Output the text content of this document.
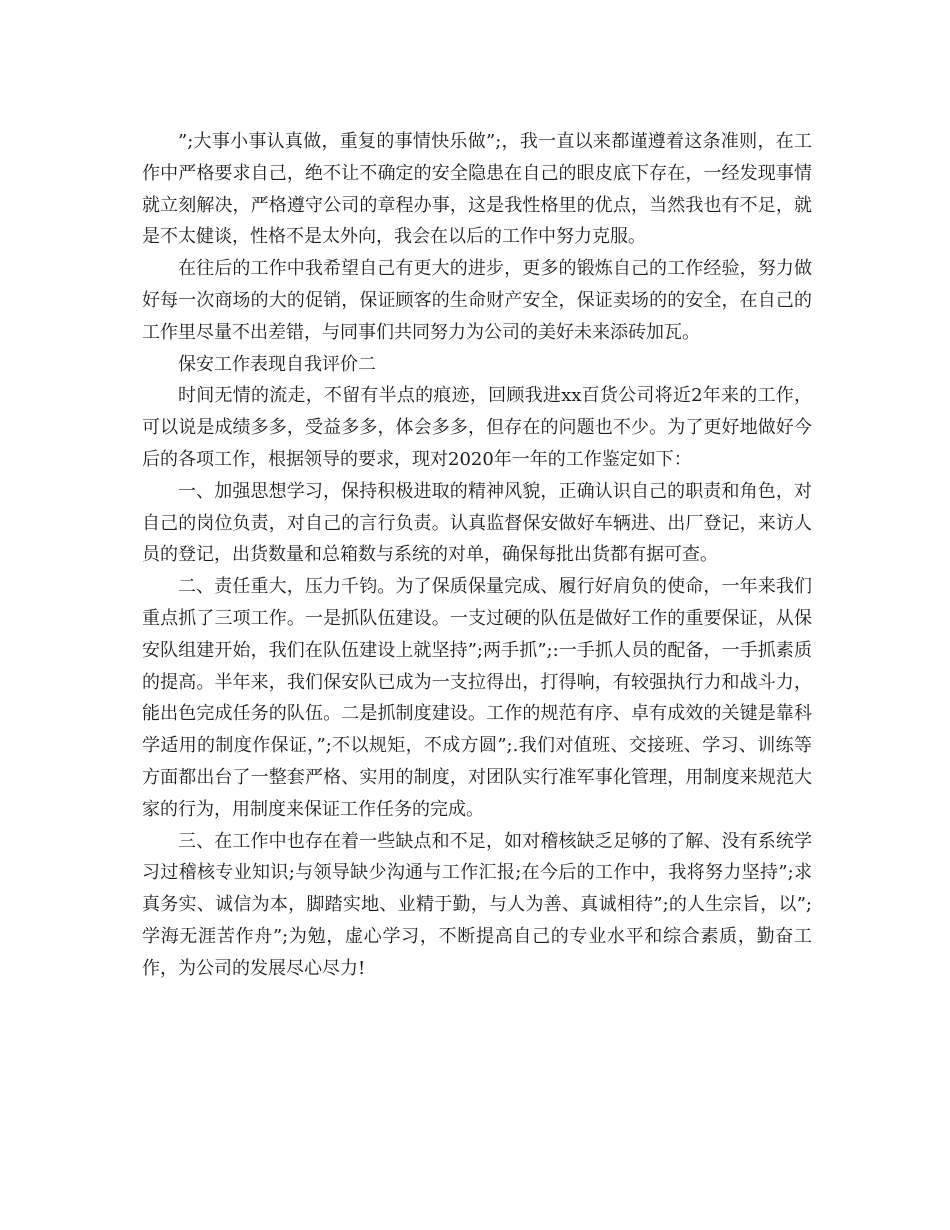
”;大事小事认真做，重复的事情快乐做”;，我一直以来都谨遵着这条准则，在工作中严格要求自己，绝不让不确定的安全隐患在自己的眼皮底下存在，一经发现事情就立刻解决，严格遵守公司的章程办事，这是我性格里的优点，当然我也有不足，就是不太健谈，性格不是太外向，我会在以后的工作中努力克服。

在往后的工作中我希望自己有更大的进步，更多的锻炼自己的工作经验，努力做好每一次商场的大的促销，保证顾客的生命财产安全，保证卖场的的安全，在自己的工作里尽量不出差错，与同事们共同努力为公司的美好未来添砖加瓦。

保安工作表现自我评价二

时间无情的流走，不留有半点的痕迹，回顾我进xx百货公司将近2年来的工作，可以说是成绩多多，受益多多，体会多多，但存在的问题也不少。为了更好地做好今后的各项工作，根据领导的要求，现对2020年一年的工作鉴定如下：

一、加强思想学习，保持积极进取的精神风貌，正确认识自己的职责和角色，对自己的岗位负责，对自己的言行负责。认真监督保安做好车辆进、出厂登记，来访人员的登记，出货数量和总箱数与系统的对单，确保每批出货都有据可查。

二、责任重大，压力千钧。为了保质保量完成、履行好肩负的使命，一年来我们重点抓了三项工作。一是抓队伍建设。一支过硬的队伍是做好工作的重要保证，从保安队组建开始，我们在队伍建设上就坚持”;两手抓”;:一手抓人员的配备，一手抓素质的提高。半年来，我们保安队已成为一支拉得出，打得响，有较强执行力和战斗力，能出色完成任务的队伍。二是抓制度建设。工作的规范有序、卓有成效的关键是靠科学适用的制度作保证，”;不以规矩，不成方圆”;.我们对值班、交接班、学习、训练等方面都出台了一整套严格、实用的制度，对团队实行准军事化管理，用制度来规范大家的行为，用制度来保证工作任务的完成。

三、在工作中也存在着一些缺点和不足，如对稽核缺乏足够的了解、没有系统学习过稽核专业知识;与领导缺少沟通与工作汇报;在今后的工作中，我将努力坚持”;求真务实、诚信为本，脚踏实地、业精于勤，与人为善、真诚相待”;的人生宗旨，以”;学海无涯苦作舟”;为勉，虚心学习，不断提高自己的专业水平和综合素质，勤奋工作，为公司的发展尽心尽力!
